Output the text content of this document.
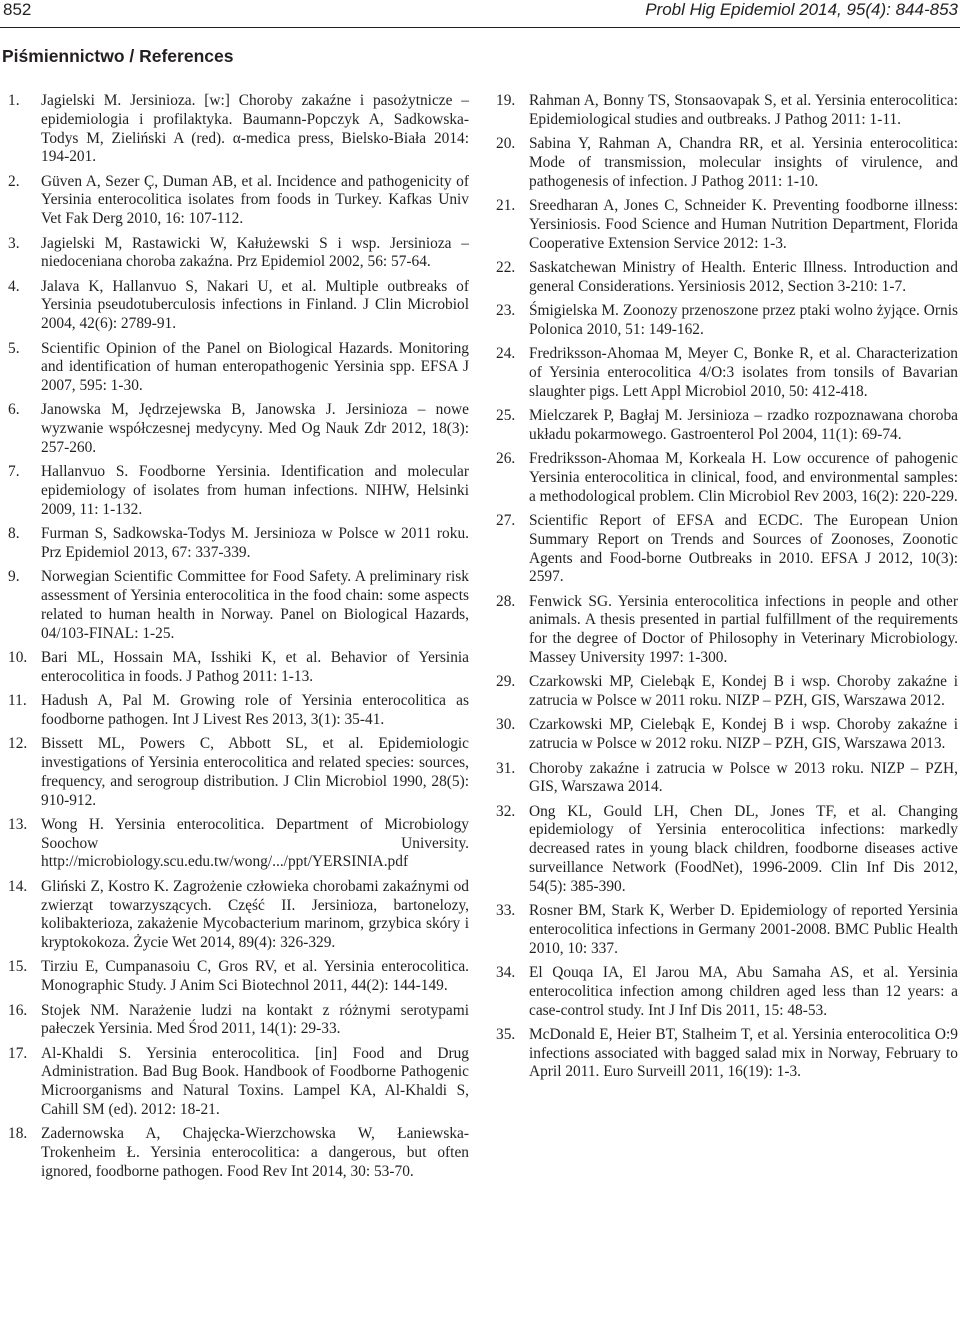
852	Probl Hig Epidemiol 2014, 95(4): 844-853
Piśmiennictwo / References
1. Jagielski M. Jersinioza. [w:] Choroby zakaźne i pasożytnicze – epidemiologia i profilaktyka. Baumann-Popczyk A, Sadkowska-Todys M, Zieliński A (red). α-medica press, Bielsko-Biała 2014: 194-201.
2. Güven A, Sezer Ç, Duman AB, et al. Incidence and pathogenicity of Yersinia enterocolitica isolates from foods in Turkey. Kafkas Univ Vet Fak Derg 2010, 16: 107-112.
3. Jagielski M, Rastawicki W, Kałużewski S i wsp. Jersinioza – niedoceniana choroba zakaźna. Prz Epidemiol 2002, 56: 57-64.
4. Jalava K, Hallanvuo S, Nakari U, et al. Multiple outbreaks of Yersinia pseudotuberculosis infections in Finland. J Clin Microbiol 2004, 42(6): 2789-91.
5. Scientific Opinion of the Panel on Biological Hazards. Monitoring and identification of human enteropathogenic Yersinia spp. EFSA J 2007, 595: 1-30.
6. Janowska M, Jędrzejewska B, Janowska J. Jersinioza – nowe wyzwanie współczesnej medycyny. Med Og Nauk Zdr 2012, 18(3): 257-260.
7. Hallanvuo S. Foodborne Yersinia. Identification and molecular epidemiology of isolates from human infections. NIHW, Helsinki 2009, 11: 1-132.
8. Furman S, Sadkowska-Todys M. Jersinioza w Polsce w 2011 roku. Prz Epidemiol 2013, 67: 337-339.
9. Norwegian Scientific Committee for Food Safety. A preliminary risk assessment of Yersinia enterocolitica in the food chain: some aspects related to human health in Norway. Panel on Biological Hazards, 04/103-FINAL: 1-25.
10. Bari ML, Hossain MA, Isshiki K, et al. Behavior of Yersinia enterocolitica in foods. J Pathog 2011: 1-13.
11. Hadush A, Pal M. Growing role of Yersinia enterocolitica as foodborne pathogen. Int J Livest Res 2013, 3(1): 35-41.
12. Bissett ML, Powers C, Abbott SL, et al. Epidemiologic investigations of Yersinia enterocolitica and related species: sources, frequency, and serogroup distribution. J Clin Microbiol 1990, 28(5): 910-912.
13. Wong H. Yersinia enterocolitica. Department of Microbiology Soochow University. http://microbiology.scu.edu.tw/wong/.../ppt/YERSINIA.pdf
14. Gliński Z, Kostro K. Zagrożenie człowieka chorobami zakaźnymi od zwierząt towarzyszących. Część II. Jersinioza, bartonelozy, kolibakterioza, zakażenie Mycobacterium marinom, grzybica skóry i kryptokokoza. Życie Wet 2014, 89(4): 326-329.
15. Tirziu E, Cumpanasoiu C, Gros RV, et al. Yersinia enterocolitica. Monographic Study. J Anim Sci Biotechnol 2011, 44(2): 144-149.
16. Stojek NM. Narażenie ludzi na kontakt z różnymi serotypami pałeczek Yersinia. Med Środ 2011, 14(1): 29-33.
17. Al-Khaldi S. Yersinia enterocolitica. [in] Food and Drug Administration. Bad Bug Book. Handbook of Foodborne Pathogenic Microorganisms and Natural Toxins. Lampel KA, Al-Khaldi S, Cahill SM (ed). 2012: 18-21.
18. Zadernowska A, Chajęcka-Wierzchowska W, Łaniewska-Trokenheim Ł. Yersinia enterocolitica: a dangerous, but often ignored, foodborne pathogen. Food Rev Int 2014, 30: 53-70.
19. Rahman A, Bonny TS, Stonsaovapak S, et al. Yersinia enterocolitica: Epidemiological studies and outbreaks. J Pathog 2011: 1-11.
20. Sabina Y, Rahman A, Chandra RR, et al. Yersinia enterocolitica: Mode of transmission, molecular insights of virulence, and pathogenesis of infection. J Pathog 2011: 1-10.
21. Sreedharan A, Jones C, Schneider K. Preventing foodborne illness: Yersiniosis. Food Science and Human Nutrition Department, Florida Cooperative Extension Service 2012: 1-3.
22. Saskatchewan Ministry of Health. Enteric Illness. Introduction and general Considerations. Yersiniosis 2012, Section 3-210: 1-7.
23. Śmigielska M. Zoonozy przenoszone przez ptaki wolno żyjące. Ornis Polonica 2010, 51: 149-162.
24. Fredriksson-Ahomaa M, Meyer C, Bonke R, et al. Characterization of Yersinia enterocolitica 4/O:3 isolates from tonsils of Bavarian slaughter pigs. Lett Appl Microbiol 2010, 50: 412-418.
25. Mielczarek P, Bagłaj M. Jersinioza – rzadko rozpoznawana choroba układu pokarmowego. Gastroenterol Pol 2004, 11(1): 69-74.
26. Fredriksson-Ahomaa M, Korkeala H. Low occurence of pahogenic Yersinia enterocolitica in clinical, food, and environmental samples: a methodological problem. Clin Microbiol Rev 2003, 16(2): 220-229.
27. Scientific Report of EFSA and ECDC. The European Union Summary Report on Trends and Sources of Zoonoses, Zoonotic Agents and Food-borne Outbreaks in 2010. EFSA J 2012, 10(3): 2597.
28. Fenwick SG. Yersinia enterocolitica infections in people and other animals. A thesis presented in partial fulfillment of the requirements for the degree of Doctor of Philosophy in Veterinary Microbiology. Massey University 1997: 1-300.
29. Czarkowski MP, Cielebąk E, Kondej B i wsp. Choroby zakaźne i zatrucia w Polsce w 2011 roku. NIZP – PZH, GIS, Warszawa 2012.
30. Czarkowski MP, Cielebąk E, Kondej B i wsp. Choroby zakaźne i zatrucia w Polsce w 2012 roku. NIZP – PZH, GIS, Warszawa 2013.
31. Choroby zakaźne i zatrucia w Polsce w 2013 roku. NIZP – PZH, GIS, Warszawa 2014.
32. Ong KL, Gould LH, Chen DL, Jones TF, et al. Changing epidemiology of Yersinia enterocolitica infections: markedly decreased rates in young black children, foodborne diseases active surveillance Network (FoodNet), 1996-2009. Clin Inf Dis 2012, 54(5): 385-390.
33. Rosner BM, Stark K, Werber D. Epidemiology of reported Yersinia enterocolitica infections in Germany 2001-2008. BMC Public Health 2010, 10: 337.
34. El Qouqa IA, El Jarou MA, Abu Samaha AS, et al. Yersinia enterocolitica infection among children aged less than 12 years: a case-control study. Int J Inf Dis 2011, 15: 48-53.
35. McDonald E, Heier BT, Stalheim T, et al. Yersinia enterocolitica O:9 infections associated with bagged salad mix in Norway, February to April 2011. Euro Surveill 2011, 16(19): 1-3.
